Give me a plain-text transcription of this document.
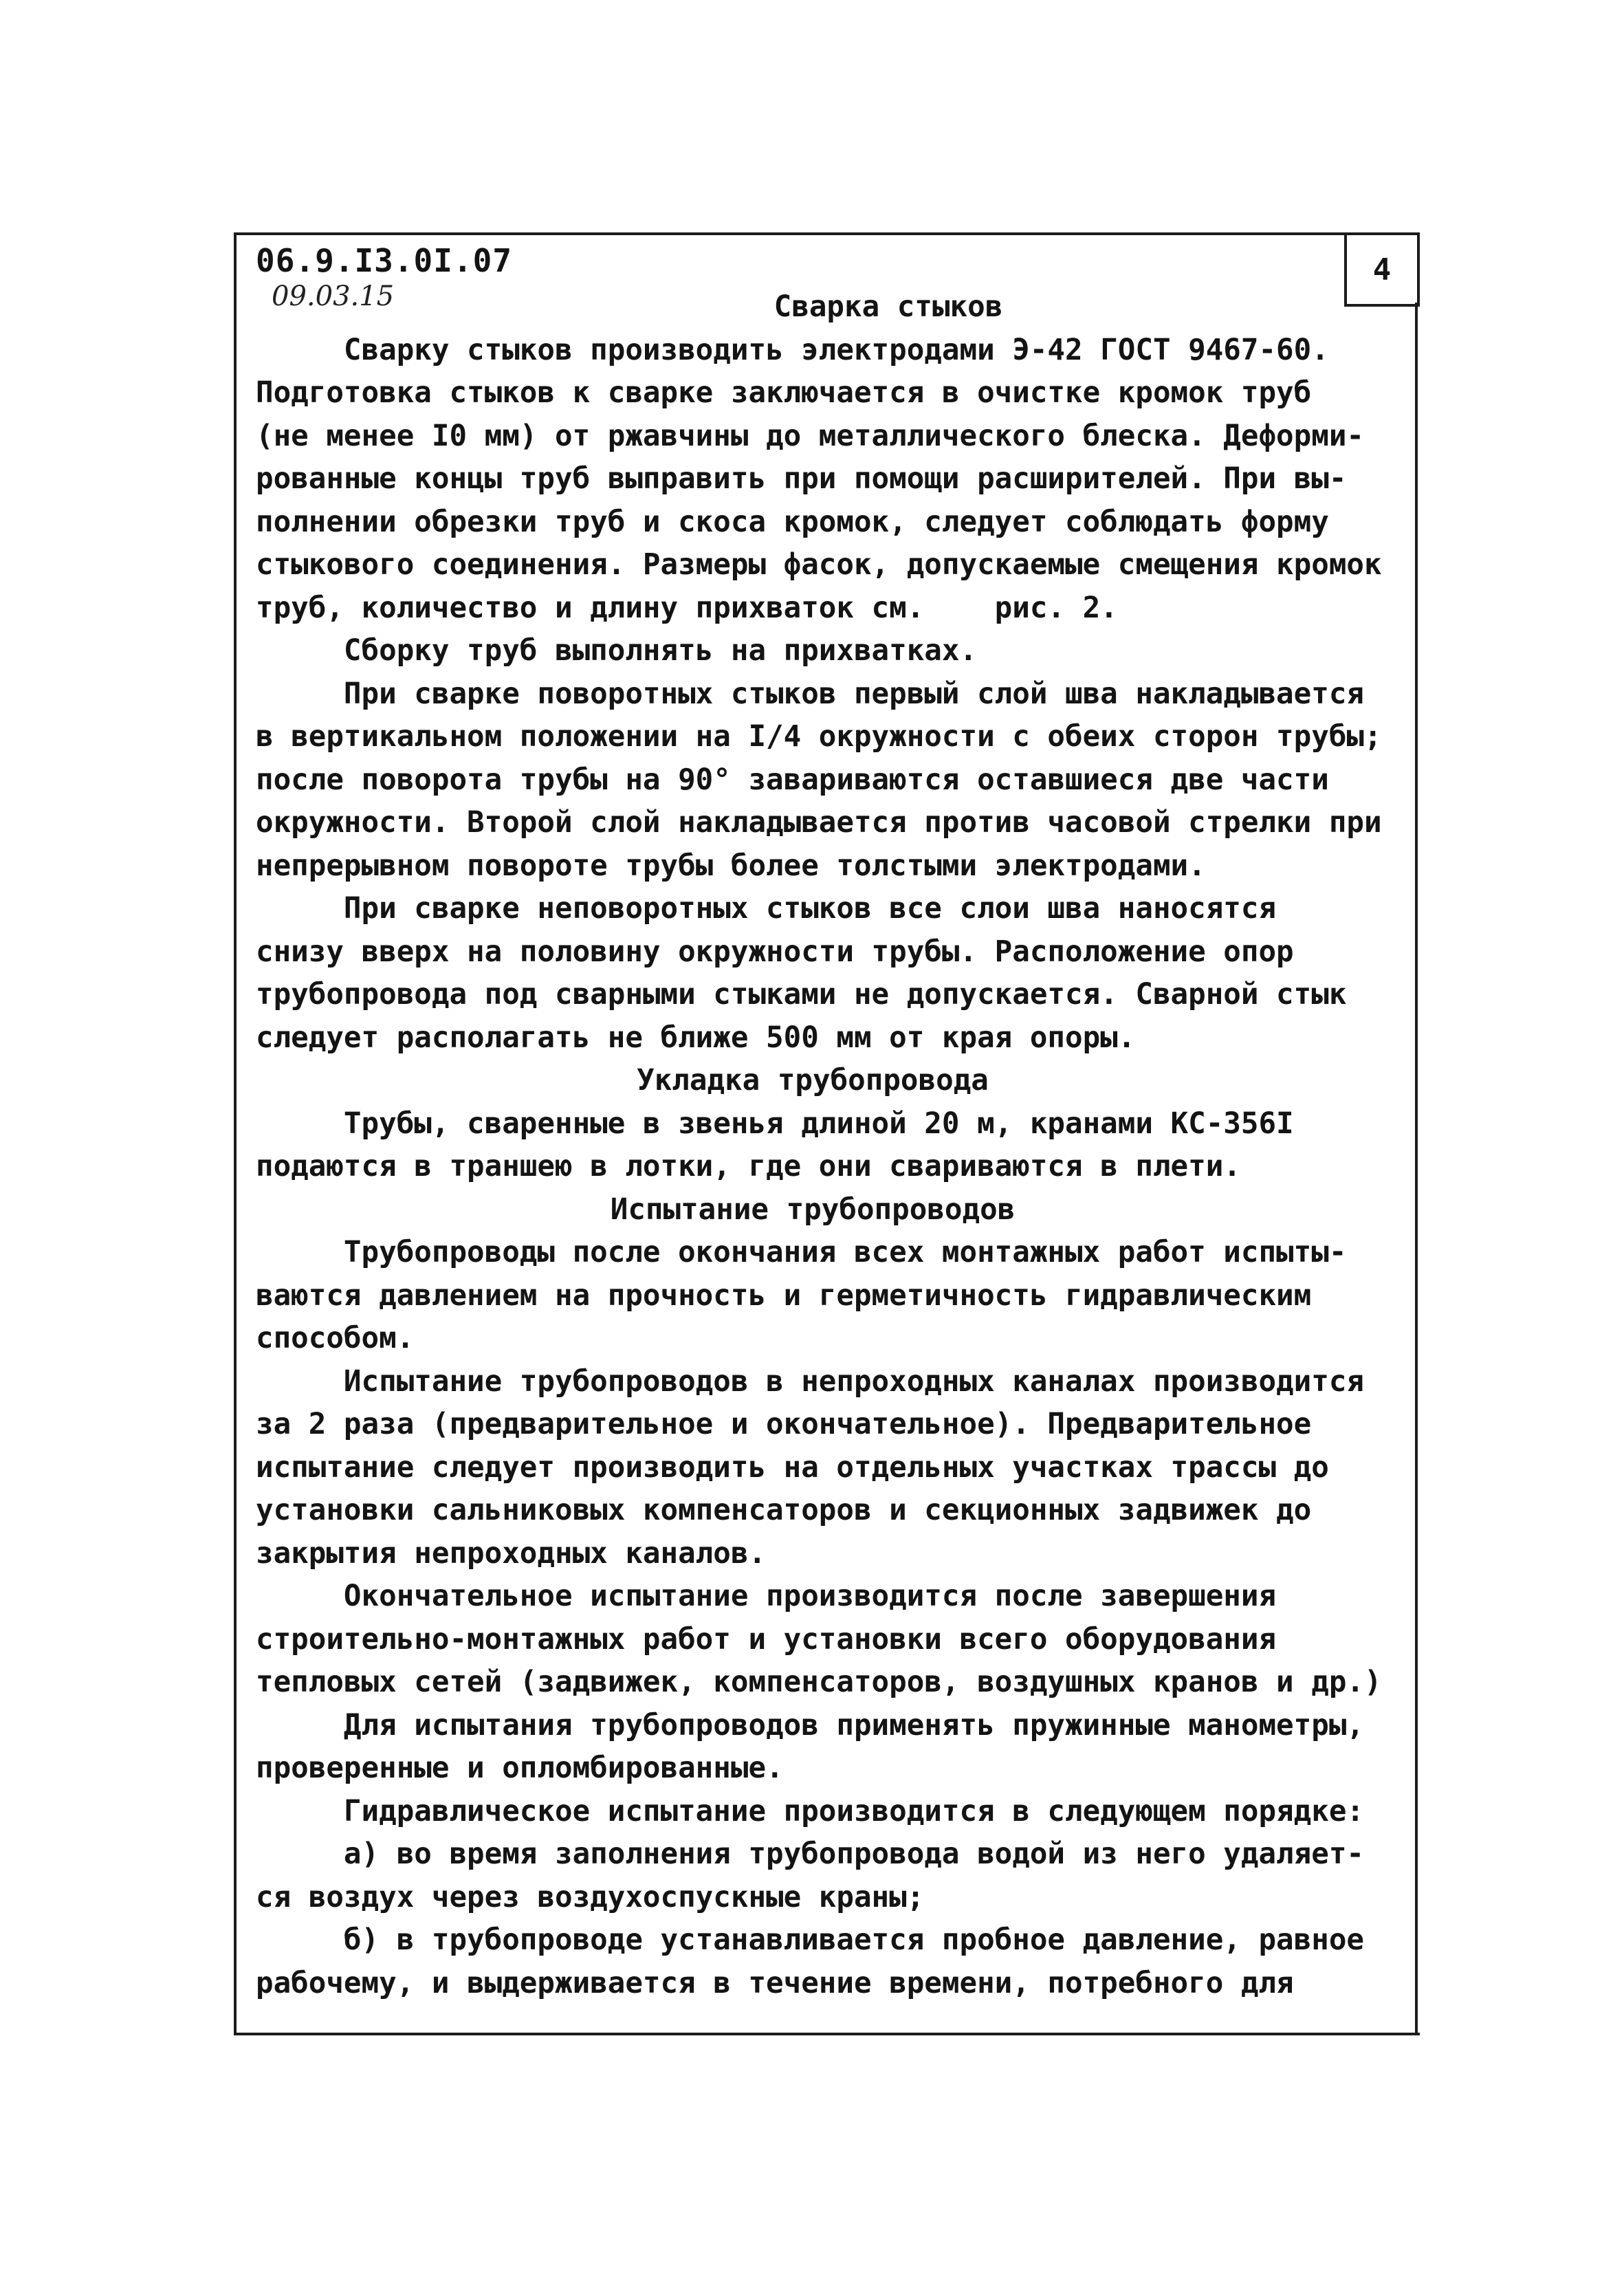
4
06.9.I3.0I.07
09.03.15	Сварка стыков
Сварку стыков производить электродами Э-42 ГОСТ 9467-60.
Подготовка стыков к сварке заключается в очистке кромок труб
(не менее I0 мм) от ржавчины до металлического блеска. Деформи-
рованные концы труб выправить при помощи расширителей. При вы-
полнении обрезки труб и скоса кромок, следует соблюдать форму
стыкового соединения. Размеры фасок, допускаемые смещения кромок
труб, количество и длину прихваток см.    рис. 2.
Сборку труб выполнять на прихватках.
При сварке поворотных стыков первый слой шва накладывается
в вертикальном положении на I/4 окружности с обеих сторон трубы;
после поворота трубы на 90° завариваются оставшиеся две части
окружности. Второй слой накладывается против часовой стрелки при
непрерывном повороте трубы более толстыми электродами.
При сварке неповоротных стыков все слои шва наносятся
снизу вверх на половину окружности трубы. Расположение опор
трубопровода под сварными стыками не допускается. Сварной стык
следует располагать не ближе 500 мм от края опоры.
Укладка трубопровода
Трубы, сваренные в звенья длиной 20 м, кранами КС-356I
подаются в траншею в лотки, где они свариваются в плети.
Испытание трубопроводов
Трубопроводы после окончания всех монтажных работ испыты-
ваются давлением на прочность и герметичность гидравлическим
способом.
Испытание трубопроводов в непроходных каналах производится
за 2 раза (предварительное и окончательное). Предварительное
испытание следует производить на отдельных участках трассы до
установки сальниковых компенсаторов и секционных задвижек до
закрытия непроходных каналов.
Окончательное испытание производится после завершения
строительно-монтажных работ и установки всего оборудования
тепловых сетей (задвижек, компенсаторов, воздушных кранов и др.)
Для испытания трубопроводов применять пружинные манометры,
проверенные и опломбированные.
Гидравлическое испытание производится в следующем порядке:
а) во время заполнения трубопровода водой из него удаляет-
ся воздух через воздухоспускные краны;
б) в трубопроводе устанавливается пробное давление, равное
рабочему, и выдерживается в течение времени, потребного для
